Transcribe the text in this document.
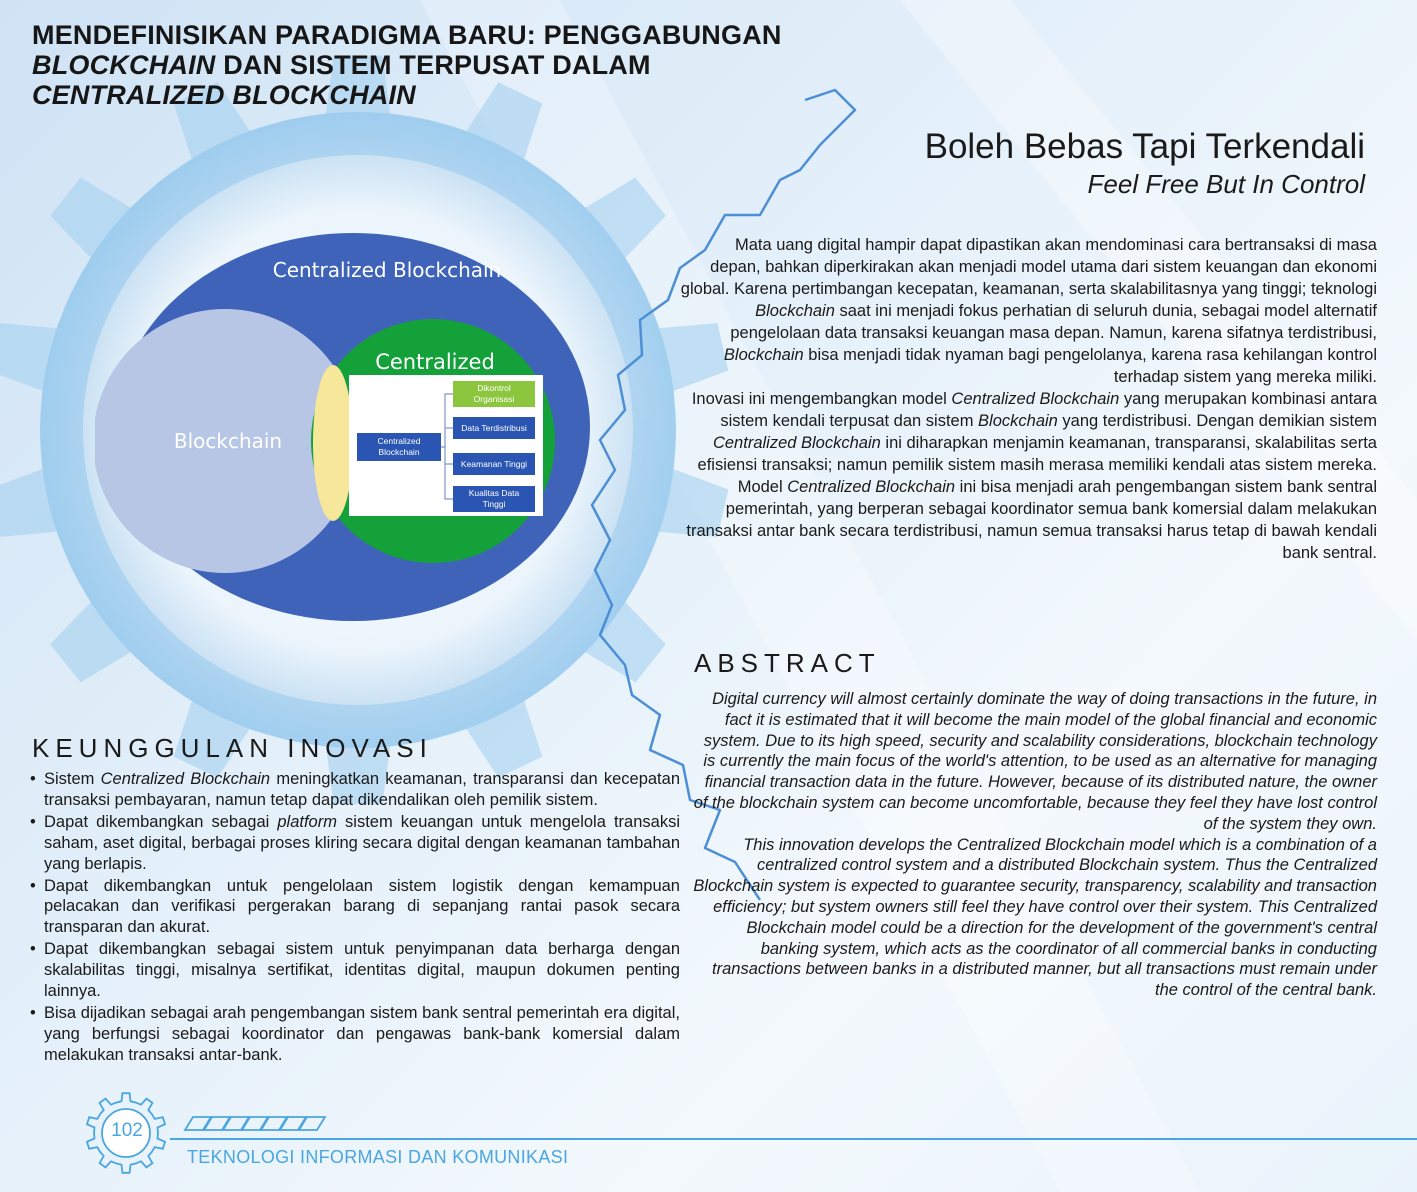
MENDEFINISIKAN PARADIGMA BARU: PENGGABUNGAN
BLOCKCHAIN DAN SISTEM TERPUSAT DALAM
CENTRALIZED BLOCKCHAIN
Centralized
Blockchain
Dikontrol
Organisasi
Data Terdistribusi
Keamanan Tinggi
Kualitas Data
Tinggi
Centralized Blockchain
Blockchain
Centralized
Boleh Bebas Tapi Terkendali
Feel Free But In Control

Mata uang digital hampir dapat dipastikan akan mendominasi cara bertransaksi di masa depan, bahkan diperkirakan akan menjadi model utama dari sistem keuangan dan ekonomi global. Karena pertimbangan kecepatan, keamanan, serta skalabilitasnya yang tinggi; teknologi Blockchain saat ini menjadi fokus perhatian di seluruh dunia, sebagai model alternatif pengelolaan data transaksi keuangan masa depan. Namun, karena sifatnya terdistribusi, Blockchain bisa menjadi tidak nyaman bagi pengelolanya, karena rasa kehilangan kontrol terhadap sistem yang mereka miliki.

Inovasi ini mengembangkan model Centralized Blockchain yang merupakan kombinasi antara sistem kendali terpusat dan sistem Blockchain yang terdistribusi. Dengan demikian sistem Centralized Blockchain ini diharapkan menjamin keamanan, transparansi, skalabilitas serta efisiensi transaksi; namun pemilik sistem masih merasa memiliki kendali atas sistem mereka. Model Centralized Blockchain ini bisa menjadi arah pengembangan sistem bank sentral pemerintah, yang berperan sebagai koordinator semua bank komersial dalam melakukan transaksi antar bank secara terdistribusi, namun semua transaksi harus tetap di bawah kendali bank sentral.

ABSTRACT

Digital currency will almost certainly dominate the way of doing transactions in the future, in fact it is estimated that it will become the main model of the global financial and economic system. Due to its high speed, security and scalability considerations, blockchain technology is currently the main focus of the world's attention, to be used as an alternative for managing financial transaction data in the future. However, because of its distributed nature, the owner of the blockchain system can become uncomfortable, because they feel they have lost control of the system they own.

This innovation develops the Centralized Blockchain model which is a combination of a centralized control system and a distributed Blockchain system. Thus the Centralized Blockchain system is expected to guarantee security, transparency, scalability and transaction efficiency; but system owners still feel they have control over their system. This Centralized Blockchain model could be a direction for the development of the government's central banking system, which acts as the coordinator of all commercial banks in conducting transactions between banks in a distributed manner, but all transactions must remain under the control of the central bank.

KEUNGGULAN INOVASI
• Sistem Centralized Blockchain meningkatkan keamanan, transparansi dan kecepatan transaksi pembayaran, namun tetap dapat dikendalikan oleh pemilik sistem.
• Dapat dikembangkan sebagai platform sistem keuangan untuk mengelola transaksi saham, aset digital, berbagai proses kliring secara digital dengan keamanan tambahan yang berlapis.
• Dapat dikembangkan untuk pengelolaan sistem logistik dengan kemampuan pelacakan dan verifikasi pergerakan barang di sepanjang rantai pasok secara transparan dan akurat.
• Dapat dikembangkan sebagai sistem untuk penyimpanan data berharga dengan skalabilitas tinggi, misalnya sertifikat, identitas digital, maupun dokumen penting lainnya.
• Bisa dijadikan sebagai arah pengembangan sistem bank sentral pemerintah era digital, yang berfungsi sebagai koordinator dan pengawas bank-bank komersial dalam melakukan transaksi antar-bank.
102
TEKNOLOGI INFORMASI DAN KOMUNIKASI
